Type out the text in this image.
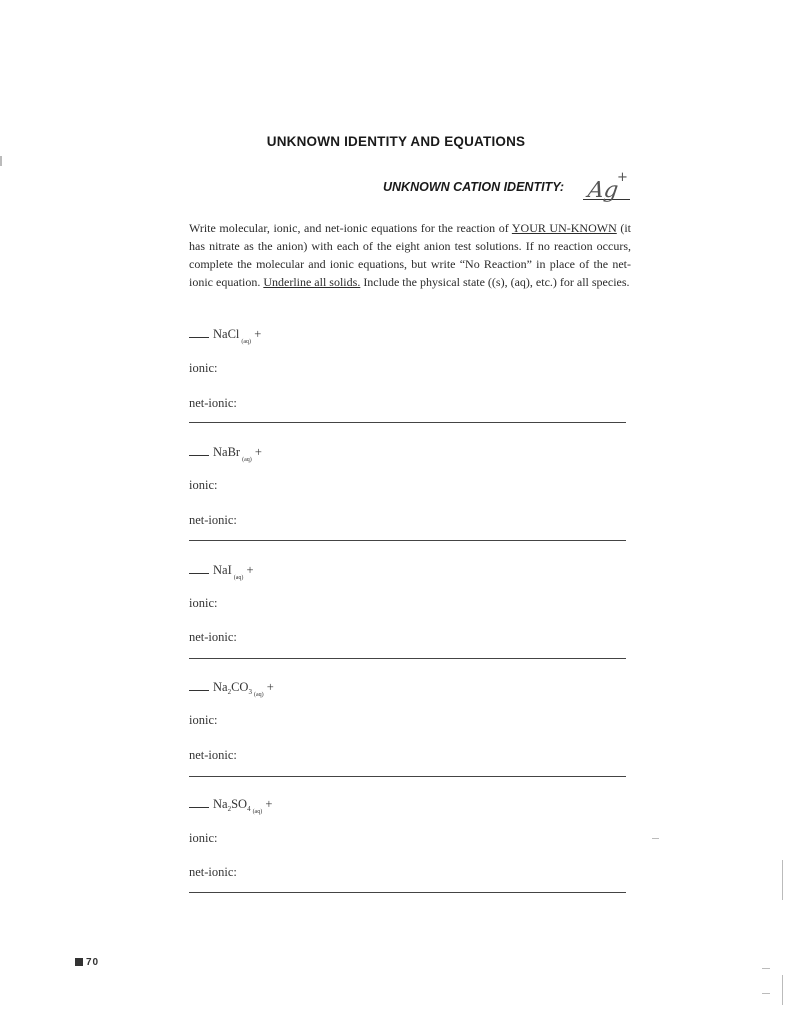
UNKNOWN IDENTITY AND EQUATIONS
UNKNOWN CATION IDENTITY: Ag
+
Write molecular, ionic, and net-ionic equations for the reaction of YOUR UN-KNOWN (it has nitrate as the anion) with each of the eight anion test solutions. If no reaction occurs, complete the molecular and ionic equations, but write “No Reaction” in place of the net-ionic equation. Underline all solids. Include the physical state ((s), (aq), etc.) for all species.
NaCl$_{(aq)}$ +
ionic:
net-ionic:
NaBr$_{(aq)}$ +
ionic:
net-ionic:
NaI$_{(aq)}$ +
ionic:
net-ionic:
$Na_2CO_3$ $_{(aq)}$ +
ionic:
net-ionic:
$Na_2SO_4$ $_{(aq)}$ +
ionic:
net-ionic:
70
